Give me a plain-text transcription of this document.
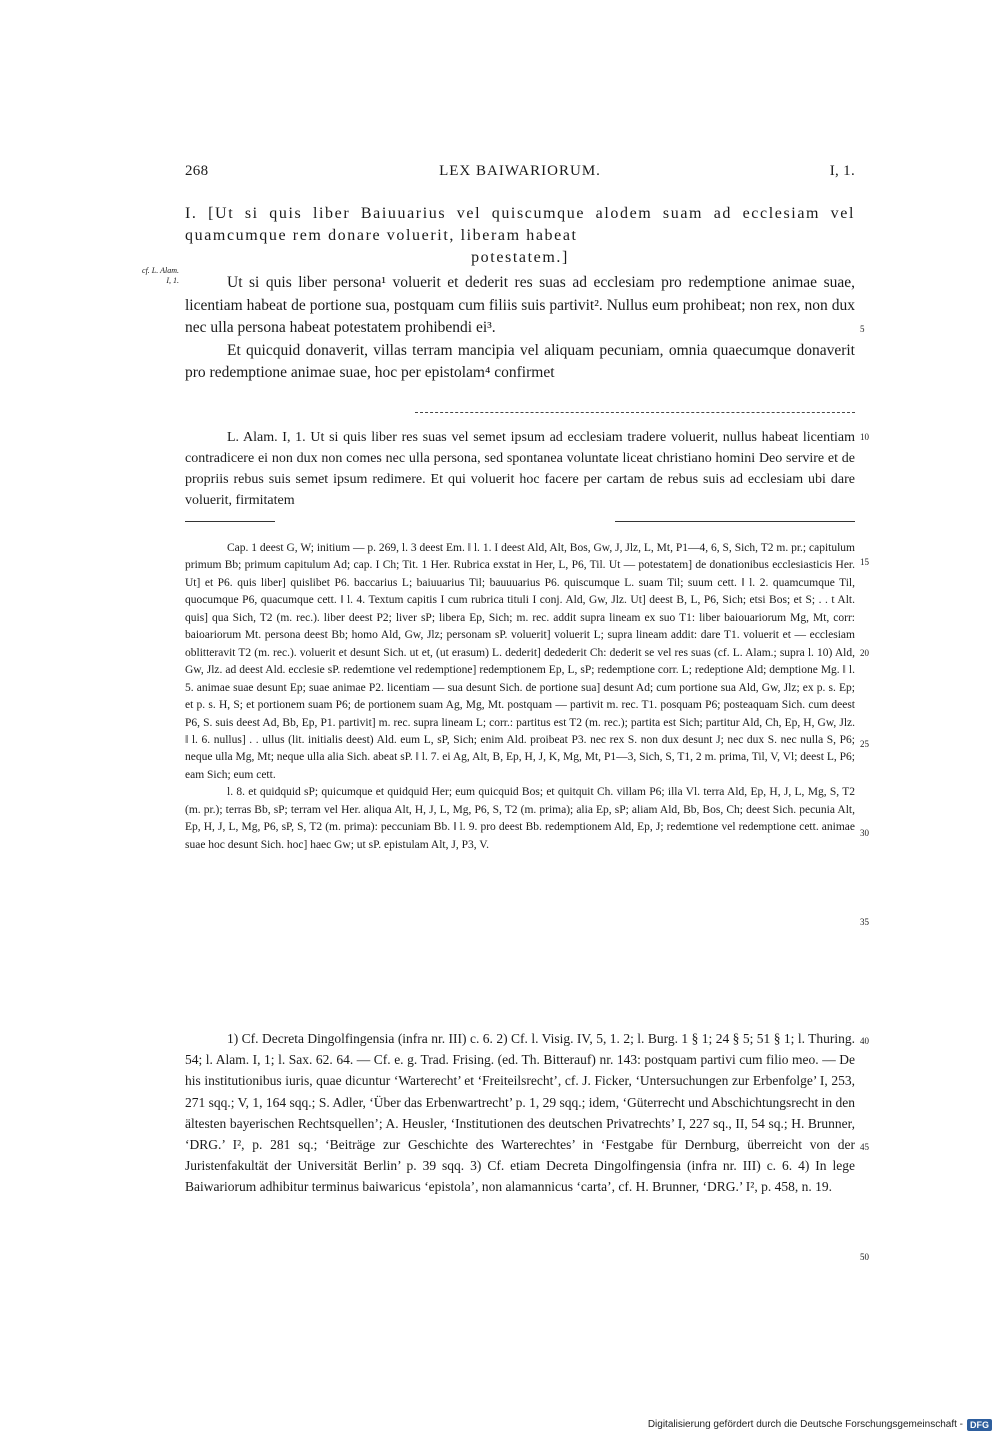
268	LEX BAIWARIORUM.	I, 1.
I. [Ut si quis liber Baiuuarius vel quiscumque alodem suam ad ecclesiam vel quamcumque rem donare voluerit, liberam habeat
potestatem.]
cf. L. Alam.
I, 1.	Ut si quis liber persona¹ voluerit et dederit res suas ad ecclesiam pro redemptione animae suae, licentiam habeat de portione sua, postquam cum filiis suis partivit². Nullus eum prohibeat; non rex, non dux nec ulla persona habeat potestatem prohibendi ei³.

Et quicquid donaverit, villas terram mancipia vel aliquam pecuniam, omnia quaecumque donaverit pro redemptione animae suae, hoc per epistolam⁴ confirmet

L. Alam. I, 1. Ut si quis liber res suas vel semet ipsum ad ecclesiam tradere voluerit, nullus habeat licentiam contradicere ei non dux non comes nec ulla persona, sed spontanea voluntate liceat christiano homini Deo servire et de propriis rebus suis semet ipsum redimere. Et qui voluerit hoc facere per cartam de rebus suis ad ecclesiam ubi dare voluerit, firmitatem

Cap. 1 deest G, W; initium — p. 269, l. 3 deest Em. ‖ l. 1. I deest Ald, Alt, Bos, Gw, J, Jlz, L, Mt, P1—4, 6, S, Sich, T2 m. pr.; capitulum primum Bb; primum capitulum Ad; cap. I Ch; Tit. 1 Her. Rubrica exstat in Her, L, P6, Til. Ut — potestatem] de donationibus ecclesiasticis Her. Ut] et P6. quis liber] quislibet P6. baccarius L; baiuuarius Til; bauuuarius P6. quiscumque L. suam Til; suum cett. ‖ l. 2. quamcumque Til, quocumque P6, quacumque cett. ‖ l. 4. Textum capitis I cum rubrica tituli I conj. Ald, Gw, Jlz. Ut] deest B, L, P6, Sich; etsi Bos; et S; . . t Alt. quis] qua Sich, T2 (m. rec.). liber deest P2; liver sP; libera Ep, Sich; m. rec. addit supra lineam ex suo T1: liber baiouariorum Mg, Mt, corr: baioariorum Mt. persona deest Bb; homo Ald, Gw, Jlz; personam sP. voluerit] voluerit L; supra lineam addit: dare T1. voluerit et — ecclesiam oblitteravit T2 (m. rec.). voluerit et desunt Sich. ut et, (ut erasum) L. dederit] dedederit Ch: dederit se vel res suas (cf. L. Alam.; supra l. 10) Ald, Gw, Jlz. ad deest Ald. ecclesie sP. redemtione vel redemptione] redemptionem Ep, L, sP; redemptione corr. L; redeptione Ald; demptione Mg. ‖ l. 5. animae suae desunt Ep; suae animae P2. licentiam — sua desunt Sich. de portione sua] desunt Ad; cum portione sua Ald, Gw, Jlz; ex p. s. Ep; et p. s. H, S; et portionem suam P6; de portionem suam Ag, Mg, Mt. postquam — partivit m. rec. T1. posquam P6; posteaquam Sich. cum deest P6, S. suis deest Ad, Bb, Ep, P1. partivit] m. rec. supra lineam L; corr.: partitus est T2 (m. rec.); partita est Sich; partitur Ald, Ch, Ep, H, Gw, Jlz. ‖ l. 6. nullus] . . ullus (lit. initialis deest) Ald. eum L, sP, Sich; enim Ald. proibeat P3. nec rex S. non dux desunt J; nec dux S. nec nulla S, P6; neque ulla Mg, Mt; neque ulla alia Sich. abeat sP. ‖ l. 7. ei Ag, Alt, B, Ep, H, J, K, Mg, Mt, P1—3, Sich, S, T1, 2 m. prima, Til, V, Vl; deest L, P6; eam Sich; eum cett.

l. 8. et quidquid sP; quicumque et quidquid Her; eum quicquid Bos; et quitquit Ch. villam P6; illa Vl. terra Ald, Ep, H, J, L, Mg, S, T2 (m. pr.); terras Bb, sP; terram vel Her. aliqua Alt, H, J, L, Mg, P6, S, T2 (m. prima); alia Ep, sP; aliam Ald, Bb, Bos, Ch; deest Sich. pecunia Alt, Ep, H, J, L, Mg, P6, sP, S, T2 (m. prima): peccuniam Bb. ‖ l. 9. pro deest Bb. redemptionem Ald, Ep, J; redemtione vel redemptione cett. animae suae hoc desunt Sich. hoc] haec Gw; ut sP. epistulam Alt, J, P3, V.

1) Cf. Decreta Dingolfingensia (infra nr. III) c. 6. 2) Cf. l. Visig. IV, 5, 1. 2; l. Burg. 1 § 1; 24 § 5; 51 § 1; l. Thuring. 54; l. Alam. I, 1; l. Sax. 62. 64. — Cf. e. g. Trad. Frising. (ed. Th. Bitterauf) nr. 143: postquam partivi cum filio meo. — De his institutionibus iuris, quae dicuntur ‘Warterecht’ et ‘Freiteilsrecht’, cf. J. Ficker, ‘Untersuchungen zur Erbenfolge’ I, 253, 271 sqq.; V, 1, 164 sqq.; S. Adler, ‘Über das Erbenwartrecht’ p. 1, 29 sqq.; idem, ‘Güterrecht und Abschichtungsrecht in den ältesten bayerischen Rechtsquellen’; A. Heusler, ‘Institutionen des deutschen Privatrechts’ I, 227 sq., II, 54 sq.; H. Brunner, ‘DRG.’ I², p. 281 sq.; ‘Beiträge zur Geschichte des Warterechtes’ in ‘Festgabe für Dernburg, überreicht von der Juristenfakultät der Universität Berlin’ p. 39 sqq. 3) Cf. etiam Decreta Dingolfingensia (infra nr. III) c. 6. 4) In lege Baiwariorum adhibitur terminus baiwaricus ‘epistola’, non alamannicus ‘carta’, cf. H. Brunner, ‘DRG.’ I², p. 458, n. 19.

5
10
15
20
25
30
35
40
45
50
Digitalisierung gefördert durch die Deutsche Forschungsgemeinschaft - DFG
